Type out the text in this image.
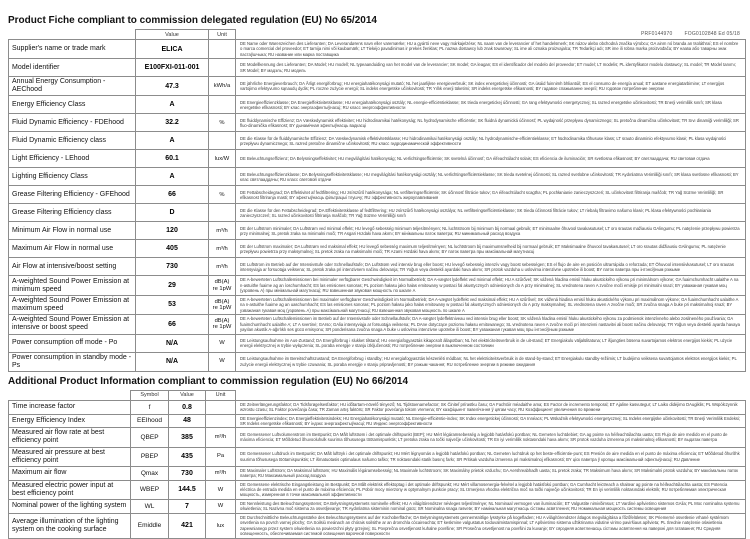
PRF0144970 FOG0102848 Ed 05/18
Product Fiche compliant to commission delegated regulation (EU) No 65/2014
	Value	Unit	
Supplier's name or trade mark	ELICA		DE Name oder Warenzeichen des Lieferanten; DA Leverandørens navn eller varemærke; HU a gyártó neve vagy márkajelzése; NL naam van de leverancier of het handelsmerk; SK názov alebo obchodná značka výrobcu; GA ainm nó branda an tsoláthraí; ES el nombre o marca comercial del proveedor; ET tarnija nimi või kaubamärk; LT Tiekėjo pavadinimas ir prekės ženklas; PL nazwa dostawcy lub znak towarowy; SL ime ali oznaka proizvajalca; TR Tedarikçi adı; SR ime ili robna marka proizvođača; BY назва або таварны знак пастаўшчыка; RU название или марка поставщика
Model identifier	E100FXI-011-001		DE Modellkennung des Lieferanten; DA Model; HU modell; NL typeaanduiding van het model van de leverancier; SK model; GA leagan; ES el identificador del modelo del proveedor; ET mudel; LT modelis; PL identyfikator modelu dostawcy; SL model; TR Model tanımı; SR Model; BY мадэль; RU модель
Annual Energy Consumption - AEChood	47.3	kWh/a	DE jährliche Energieverbrauch; DA Årligt energiforbrug; HU energiahatékonysági mutató; NL het jaarlijkse energieverbruik; SK index energetickej účinnosti; GA úsáid fuinnimh bhliantúil; ES el consumo de energía anual; ET aastane energiatarbimine; LT energijos vartojimo efektyvumo sąnaudų dydis; PL roczne zużycie energii; SL indeks energetske učinkovitosti; TR Yıllık enerji tüketimi; SR indeks energetske efikasnosti; BY гадавое спажыванне энергіі; RU годовое потребление энергии
Energy Efficiency Class	A		DE Energieeffizienzklasse; DA Energieffektivitetsklasse; HU energiahatékonysági osztály; NL energie-efficiëntieklasse; SK trieda energetickej účinnosti; GA rang efektywności energetycznej; SL razred energetske učinkovitosti; TR Enerji verimlilik sınıfı; SR klasa energetske efikasnosti; BY клас энергаэфектыўнасці; RU класс энергоэффективности
Fluid Dynamic Efficiency - FDEhood	32.2	%	DE fluiddynamische Effizienz; DA Væskedynamisk effektivitet; HU hidrodinamikai hatékonyság; NL hydrodynamische efficiëntie; SK fluidná dynamická účinnosť; PL wydajność przepływu dynamicznego; SL pretočna dinamična učinkovitost; TR Sıvı dinamiği verimliliği; SR fluo-dinamička efikasnost; BY дынамічная эфектыўнасць вадкасці
Fluid Dynamic Efficiency class	A		DE die Klasse für de fluiddynamische Effizienz; DA Væskedynamisk effektivitetsklasse; HU hidrodinamikai hatékonysági osztály; NL hydrodynamische-efficiëntieklasse; ET hüdrodinamika tõhususe klass; LT srauto dinaminio efektyvumo klasė; PL klasa wydajności przepływu dynamicznego; SL razred pretočne dinamične učinkovitosti; RU класс гидродинамической эффективности
Light Efficiency - LEhood	60.1	lux/W	DE Beleuchtungseffizienz; DA Belysningseffektivitet; HU megvilágítási hatékonyság; NL verlichtingsefficiëntie; SK svetelná účinnosť; GA éifeachtúlacht solais; ES eficiencia de iluminación; SR svetlosna efikasnost; BY светлааддача; RU световая отдача
Lighting Efficiency Class	A		DE Beleuchtungseffizienzklasse; DA Belysningseffektivitetsklasse; HU megvilágítási hatékonysági osztály; NL verlichtingsefficiëntieklasse; SK trieda svetelnej účinnosti; SL razred svetlobne učinkovitosti; TR Aydınlatma Verimliliği sınıfı; SR klasa svetlosne efikasnosti; BY клас святлааддачы; RU класс световой отдачи
Grease Filtering Efficiency - GFEhood	66	%	DE Fettabscheidegrad; DA Effektivitet af fedtfiltrering; HU zsírszűrő hatékonysága; NL vetfilteringsefficiëntie; SK účinnosť filtrácie tukov; GA éifeachtúlacht scagtha; PL pochłanianie zanieczyszczeń; SL učinkovitost filtriranja maščob; TR Yağ Süzme Verimliliği; SR efikasnost filtriranja masti; BY эфектыўнасць фільтрацыі тлушчу; RU эффективность жироулавливания
Grease Filtering Efficiency class	D		DE die Klasse für den Fettabscheidegrad; DA Effektivitetsklasse af fedtfiltrering; HU zsírszűrő hatékonysági osztálya; NL vetfilteringsefficiëntieklasse; SK trieda účinnosti filtrácie tukov; LT riebalų filtravimo našumo klasė; PL klasa efektywności pochłaniania zanieczyszczeń; SL razred učinkovitosti filtriranja maščob; TR Yağ Süzme Verimliliği sınıfı
Minimum Air Flow in normal use	120	m³/h	DE der Luftstrom minimaler; DA Luftstrøm ved minimal effekt; HU levegő sebesség minimum teljesítményen; NL luchtstroom bij minimum bij normaal gebruik; ET minimaalne õhuvool tavakasutusel; LT oro srautas mažiausiu GAlingumu; PL natężenie przepływu powietrza przy minimalnej; SL pretok zraka na minimalni moči; TR Asgari Hızdaki hava akımı; BY мінімальны паток паветра; RU минимальный расход воздуха
Maximum Air Flow in normal use	405	m³/h	DE der Luftstrom maximaler; DA Luftstrøm ved maksimal effekt; HU levegő sebesség maximum teljesítményen; NL luchtstroom bij maximumsnelheid bij normaal gebruik; ET Maksimaalne õhuvool tavakasutusel; LT oro srautas didžiausiu GAlingumu; PL natężenie przepływu powietrza przy maksymalnej; SL pretok zraka na maksimalni moči; TR Azami Hızdaki hava akımı; BY паток паветра пры максімальнай магутнасці
Air Flow at intensive/boost setting	730	m³/h	DE Luftstrom im Betrieb auf der Intensivstufe oder Schnellaufstufe; DA Luftstrøm ved intensiv brug eller boost; HU levegő sebesség intenzív vagy boost sebességen; ES el flujo de aire en posición ultrarrápida o reforzada; ET Õhuvool intensiivkasutusel; LT oro srautas intensyviąja ar forsuotąja veiksena; SL pretok zraka pri intenzivnem načinu delovanja; TR Yoğun veya destekli ayardaki hava akımı; SR protok vazduha u uslovima intenzivne upotrebe ili boost; BY паток паветра пры інтэнсіўным рэжыме
A-weighted Sound Power Emission at minimum speed	29	dB(A) re 1pW	DE A-bewerteten Luftschallemissionen bei minimaler verfügbarer Geschwindigkeit im Normalbetrieb; DA A-vægtet lydeffekt ved minimal effekt; HU A szűrővel; SK vážená hladina emisií hluku akustického výkonu pri minimálnom výkone; GA fuaimchumhacht ualaithe A na n-astuithe fuaime ag an íoschumhacht; ES las emisiones sonoras; PL poziom hałasu jako hałas emitowany w postaci fal akustycznych odniesionych do A przy minimalnej; SL vrednotena raven A zvočne moči emisije pri minimalni snazi; BY узважаная гукавая моц (узровень A) пры мінімальнай магутнасці; RU взвешенная звуковая мощность по шкале A
A-weighted Sound Power Emission at maximum speed	53	dB(A) re 1pW	DE A-bewerteten Luftschallemissionen bei maximaler verfügbarer Geschwindigkeit im Normalbetrieb; DA A-vægtet lydeffekt ved maksimal effekt; HU A szűrővel; SK vážená hladina emisií hluku akustického výkonu pri maximálnom výkone; GA fuaimchumhacht ualaithe A na n-astuithe fuaime ag an uaschumhacht; ES las emisiones sonoras; PL poziom hałasu jako hałas emitowany w postaci fal akustycznych odniesionych do A przy maksymalnej; SL vrednotena raven A zvočne moči; SR zvučna snaga A buke pri maksimalnoj snazi; BY узважаная гукавая моц (узровень A) пры максімальнай магутнасці; RU взвешенная звуковая мощность по шкале A
A-weighted Sound Power Emission at intensive or boost speed	66	dB(A) re 1pW	DE A-bewerteten Luftschallemissionen im Betrieb auf der Intensivstufe oder Schnellaufstufe; DA A-vægtet lydeffektniveau ved intensiv brug eller boost; SK vážená hladina emisií hluku akustického výkonu za podmienok intenzívneho alebo zosilneného používania; GA fuaimchumhacht ualaithe A; LT A svertinė; GArso; GAlia intensyviąja ar forsuotąja veiksena; PL DAne dotyczące poziomu hałasu emitowanego; SL vrednotena raven A zvočne moči pri intenzivni nastavitvi ali boost načinu delovanja; TR Yoğun veya destekli ayarda havaya yayılan akustik A-ağırlıklı ses gücü emisyonu; SR ponderisana zvučna snaga A buke u uslovima intenzivne upotrebe ili boost; BY узважаная гукавая моц пры інтэнсіўным рэжыме
Power consumption off mode - Po	N/A	W	DE Leistungsaufnahme im Aus-Zustand; DA Energiforbrug i slukket tilstand; HU energiafogyasztás kikapcsolt állapotban; NL het elektriciteitsverbruik in de uit-stand; ET Energiakulu väljalülitatuna; LT išjungties būsena suvartojamos elektros energijos kiekis; PL użycie energii elektrycznej w trybie wyłączenia; SL poraba energije v stanju izključenosti; RU потребление энергии в выключенном состоянии
Power consumption in standby mode - Ps	N/A	W	DE Leistungsaufnahme im Bereitschaftszustand; DA Energiforbrug i standby; HU energiafogyasztás készenléti módban; NL het elektriciteitsverbruik in de stand-by-stand; ET Energiakulu standby-režiimis; LT budėjimo veiksena suvartojamos elektros energijos kiekis; PL zużycie energii elektrycznej w trybie czuwania; SL poraba energije v stanju pripravljenosti; BY рэжым чакання; RU потребление энергии в режиме ожидания
Additional Product Information compliant to commission regulation (EU) No 66/2014
	Symbol	Value	Unit	
Time increase factor	f	0.8		DE Zeitverlängerungsfaktor; DA Tidsforøgelsesfaktor; HU időtartam-növelő tényező; NL Tijdstoenamefactor; SK Činiteľ prírastku času; GA Fachtóir méadaithe ama; ES Factor de incremento temporal; ET Ajaline kasvutegur; LT Laiko didėjimo DAugiklis; PL Współczynnik wzrostu czasu; SL Faktor povečanja časa; TR Zaman artış faktörü; SR Faktor povećanja tokom vremena; BY каэфіцыент павелічэння ў цягам часу; RU Коэффициент увеличения по времени
Energy Efficiency Index	EEIhood	48		DE Energieeffizienzindex; DA Energieffektivitetsindeks; HU Energiahatékonysági mutató; NL Energie-efficiëntie-index; SK Index energetickej účinnosti; GA Innéacs; PL Wskaźnik efektywności energetycznej; SL Indeks energijske učinkovitosti; TR Enerji Verimlilik Endeksi; SR Indeks energetske efikasnosti; BY індэкс энергаэфектыўнасці; RU Индекс энергоэффективности
Measured air flow rate at best efficiency point	QBEP	385	m³/h	DE Gemessener Luftvolumenstrom im Bestpunkt; DA Målt luftstrøm i det optimale driftspunkt (BEP); HU Mért légáramsebesség a legjobb hatásfokú pontban; NL Gemeten luchtdebiet; GA ag pointe na héifeachtúlachta uasta; ES Flujo de aire medido en el punto de máxima eficiencia; ET Mõõdetud õhuvooluhulk suurima tõhususega töötamispunktis; LT pretoka zraka na točki največje učinkovitosti; TR En iyi verimlilik noktasındaki hava akımı; SR protok vazduha izmerena pri maksimalnoj efikasnosti; BY выдатак паветра
Measured air pressure at best efficiency point	PBEP	435	Pa	DE Gemessener Luftdruck im Bestpunkt; DA Målt lufttryk i det optimale driftspunkt; HU Mért légnyomás a legjobb hatásfokú pontban; NL Gemeten luchtdruk op het beste-efficiëntie-punt; ES Presión de aire medida en el punto de máxima eficiencia; ET Mõõdetud õhurõhk suurima tõhususega töötamispunktis; LT išmatuotasis optimalaus našumo taško; TR noktasındaki statik basınç farkı; SR Pritisak vazduha izmerena pri maksimalnoj efikasnosti; BY ціск паветра ў кропцы максімальнай эфектыўнасці; RU Давление
Maximum air flow	Qmax	730	m³/h	DE Maximaler Luftstrom; DA Maksimal luftstrøm; HU Maximális légáramsebesség; NL Maximale luchtstroom; SK Maximálny prietok vzduchu; GA Aershreabhadh uasta; SL pretok zraka; TR Maksimum hava akımı; SR Maksimalni protok vazduha; BY максімальны паток паветра; RU Максимальный расход воздуха
Measured electric power input at best efficiency point	WBEP	144.5	W	DE Gemessene elektrische Eingangsleistung im Bestpunkt; DA Målt elektrisk effektoptag i det optimale driftspunkt; HU Mért villamosenergia-felvétel a legjobb hatásfokú pontban; GA Cumhacht leictreach a shaitear ag pointe na héifeachtúlachta uasta; ES Potencia eléctrica de entrada medida en el punto de máxima eficiencia; PL Pobór mocy mierzony w optymalnym punkcie pracy; SL Izmerjena vhodna električna moč na točki največje učinkovitosti; TR En iyi verimlilik noktasındaki elektrik; RU потребляемая электрическая мощность, измеренная в точке максимальной эффективности
Nominal power of the lighting system	WL	7	W	DE Nennleistung des Beleuchtungssystems; DA Belysningssystemets nominelle effekt; HU A világítórendszer névleges teljesítménye; NL Nominaal vermogen van iluminación; ET Valgustite nimivõimsus; LT Vardinė apšvietimo sistemos GAlia; PL Moc nominalna systemu oświetlenia; SL Nazivna moč sistema za osvetljevanje; TR Aydınlatma sisteminin nominal gücü; SR Nominalna snaga rasvete; BY намінальная магутнасць сістэмы асвятлення; RU Номинальная мощность системы освещения
Average illumination of the lighting system on the cooking surface	Emiddle	421	lux	DE Durchschnittliche Beleuchtungsstärke des Beleuchtungssystems auf der Kochoberfläche; DA Belysningssystemets gennemsnitlige lysstyrke på kogefladen; HU A világítórendszer átlagos megvilágítása a főzőfelületen; SK Priemerné osvetlenie vrhané systémom osvetlenia na povrch varnej plochy; GA Soilsiú meánach an chórais soilsithe ar an dromchla cócaireachta; ET keskmine valgustatus toiduvalmistamispinnal; LT Apšvietimo sistema užtikrinama vidutinė virimo paviršiaus apšvieta; PL Średnie natężenie oświetlenia zapewnianego przez system oświetlenia na powierzchni płyty grzejnej; SL Povprečna osvetljenost kuhalne površine; SR Prosečna osvetljenost na površini za kuvanje; BY сярэдняя асветленасць сістэмы асвятлення на паверхні для гатавання; RU Средняя освещенность, обеспечиваемая системой освещения варочной поверхности
